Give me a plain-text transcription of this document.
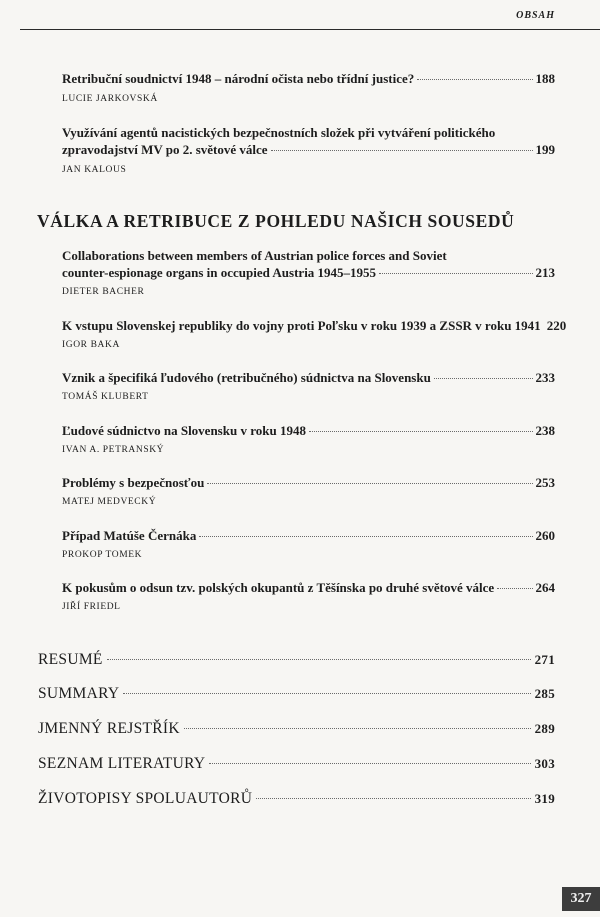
OBSAH
Retribuční soudnictví 1948 – národní očista nebo třídní justice?	188
LUCIE JARKOVSKÁ
Využívání agentů nacistických bezpečnostních složek při vytváření politického
zpravodajství MV po 2. světové válce	199
JAN KALOUS
VÁLKA A RETRIBUCE Z POHLEDU NAŠICH SOUSEDŮ
Collaborations between members of Austrian police forces and Soviet
counter-espionage organs in occupied Austria 1945–1955	213
DIETER BACHER
K vstupu Slovenskej republiky do vojny proti Poľsku v roku 1939 a ZSSR v roku 1941 220
IGOR BAKA
Vznik a špecifiká ľudového (retribučného) súdnictva na Slovensku	233
TOMÁŠ KLUBERT
Ľudové súdnictvo na Slovensku v roku 1948	238
IVAN A. PETRANSKÝ
Problémy s bezpečnosťou	253
MATEJ MEDVECKÝ
Případ Matúše Černáka	260
PROKOP TOMEK
K pokusům o odsun tzv. polských okupantů z Těšínska po druhé světové válce	264
JIŘÍ FRIEDL
RESUMÉ	271
SUMMARY	285
JMENNÝ REJSTŘÍK	289
SEZNAM LITERATURY	303
ŽIVOTOPISY SPOLUAUTORŮ	319
327
